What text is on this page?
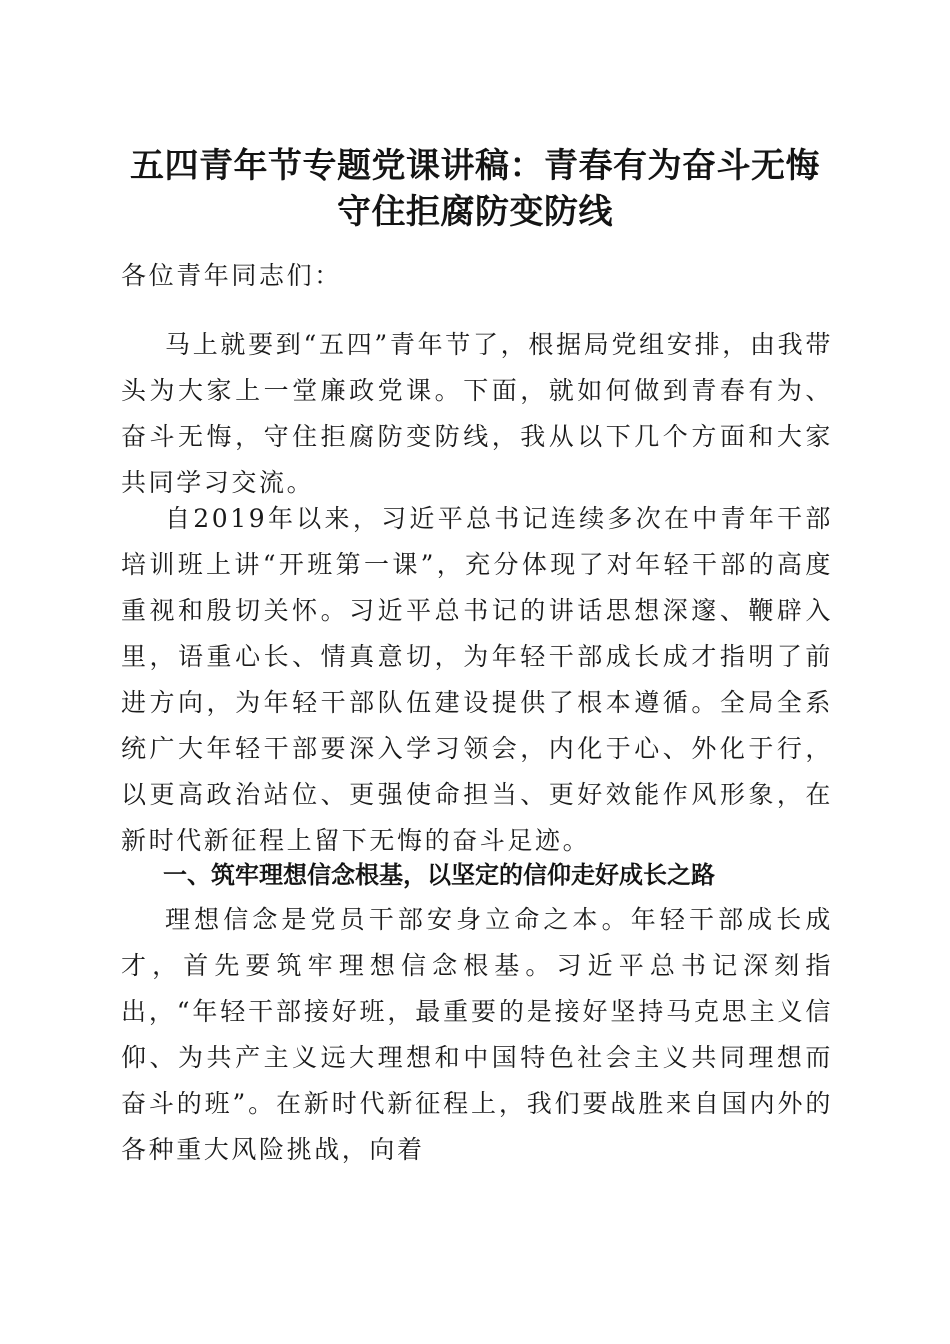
五四青年节专题党课讲稿：青春有为奋斗无悔
守住拒腐防变防线

各位青年同志们：

马上就要到“五四”青年节了，根据局党组安排，由我带头为大家上一堂廉政党课。下面，就如何做到青春有为、奋斗无悔，守住拒腐防变防线，我从以下几个方面和大家共同学习交流。

自2019年以来，习近平总书记连续多次在中青年干部培训班上讲“开班第一课”，充分体现了对年轻干部的高度重视和殷切关怀。习近平总书记的讲话思想深邃、鞭辟入里，语重心长、情真意切，为年轻干部成长成才指明了前进方向，为年轻干部队伍建设提供了根本遵循。全局全系统广大年轻干部要深入学习领会，内化于心、外化于行，以更高政治站位、更强使命担当、更好效能作风形象，在新时代新征程上留下无悔的奋斗足迹。

一、筑牢理想信念根基，以坚定的信仰走好成长之路

理想信念是党员干部安身立命之本。年轻干部成长成才，首先要筑牢理想信念根基。习近平总书记深刻指出，“年轻干部接好班，最重要的是接好坚持马克思主义信仰、为共产主义远大理想和中国特色社会主义共同理想而奋斗的班”。在新时代新征程上，我们要战胜来自国内外的各种重大风险挑战，向着
